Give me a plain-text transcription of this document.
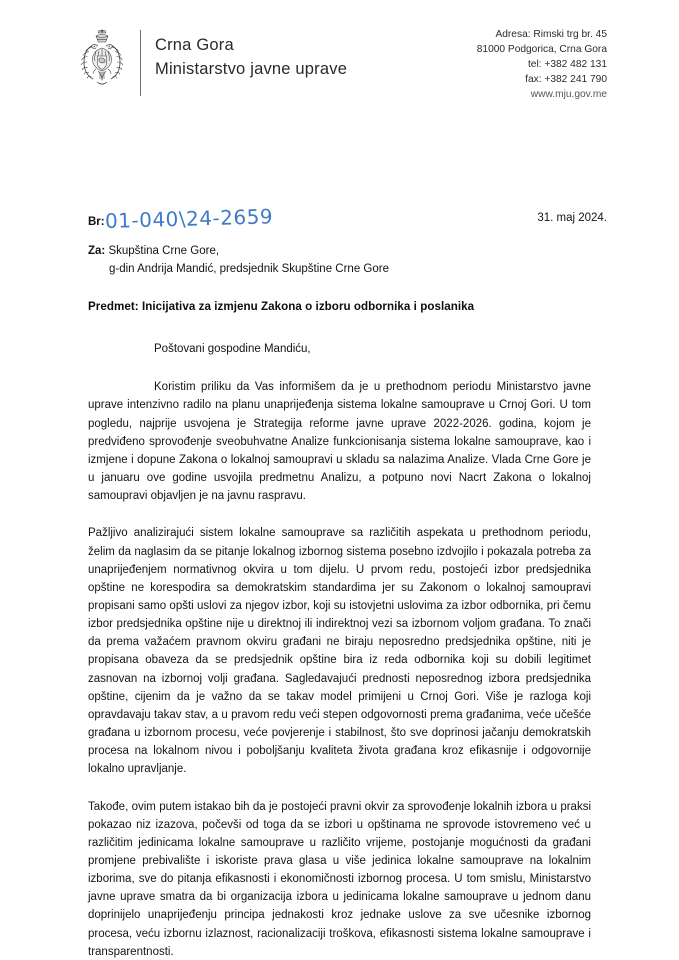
Crna Gora
Ministarstvo javne uprave
Adresa: Rimski trg br. 45
81000 Podgorica, Crna Gora
tel: +382 482 131
fax: +382 241 790
www.mju.gov.me
Br: 01-040\24-2659	31. maj 2024.
Za: Skupština Crne Gore,
g-din Andrija Mandić, predsjednik Skupštine Crne Gore
Predmet: Inicijativa za izmjenu Zakona o izboru odbornika i poslanika

Poštovani gospodine Mandiću,

Koristim priliku da Vas informišem da je u prethodnom periodu Ministarstvo javne uprave intenzivno radilo na planu unaprijeđenja sistema lokalne samouprave u Crnoj Gori. U tom pogledu, najprije usvojena je Strategija reforme javne uprave 2022-2026. godina, kojom je predviđeno sprovođenje sveobuhvatne Analize funkcionisanja sistema lokalne samouprave, kao i izmjene i dopune Zakona o lokalnoj samoupravi u skladu sa nalazima Analize. Vlada Crne Gore je u januaru ove godine usvojila predmetnu Analizu, a potpuno novi Nacrt Zakona o lokalnoj samoupravi objavljen je na javnu raspravu.

Pažljivo analizirajući sistem lokalne samouprave sa različitih aspekata u prethodnom periodu, želim da naglasim da se pitanje lokalnog izbornog sistema posebno izdvojilo i pokazala potreba za unaprijeđenjem normativnog okvira u tom dijelu. U prvom redu, postojeći izbor predsjednika opštine ne korespodira sa demokratskim standardima jer su Zakonom o lokalnoj samoupravi propisani samo opšti uslovi za njegov izbor, koji su istovjetni uslovima za izbor odbornika, pri čemu izbor predsjednika opštine nije u direktnoj ili indirektnoj vezi sa izbornom voljom građana. To znači da prema važaćem pravnom okviru građani ne biraju neposredno predsjednika opštine, niti je propisana obaveza da se predsjednik opštine bira iz reda odbornika koji su dobili legitimet zasnovan na izbornoj volji građana. Sagledavajući prednosti neposrednog izbora predsjednika opštine, cijenim da je važno da se takav model primijeni u Crnoj Gori. Više je razloga koji opravdavaju takav stav, a u pravom redu veći stepen odgovornosti prema građanima, veće učešće građana u izbornom procesu, veće povjerenje i stabilnost, što sve doprinosi jačanju demokratskih procesa na lokalnom nivou i poboljšanju kvaliteta života građana kroz efikasnije i odgovornije lokalno upravljanje.

Takođe, ovim putem istakao bih da je postojeći pravni okvir za sprovođenje lokalnih izbora u praksi pokazao niz izazova, počevši od toga da se izbori u opštinama ne sprovode istovremeno već u različitim jedinicama lokalne samouprave u različito vrijeme, postojanje mogućnosti da građani promjene prebivalište i iskoriste prava glasa u više jedinica lokalne samouprave na lokalnim izborima, sve do pitanja efikasnosti i ekonomičnosti izbornog procesa. U tom smislu, Ministarstvo javne uprave smatra da bi organizacija izbora u jedinicama lokalne samouprave u jednom danu doprinijelo unaprijeđenju principa jednakosti kroz jednake uslove za sve učesnike izbornog procesa, veću izbornu izlaznost, racionalizaciji troškova, efikasnosti sistema lokalne samouprave i transparentnosti.
